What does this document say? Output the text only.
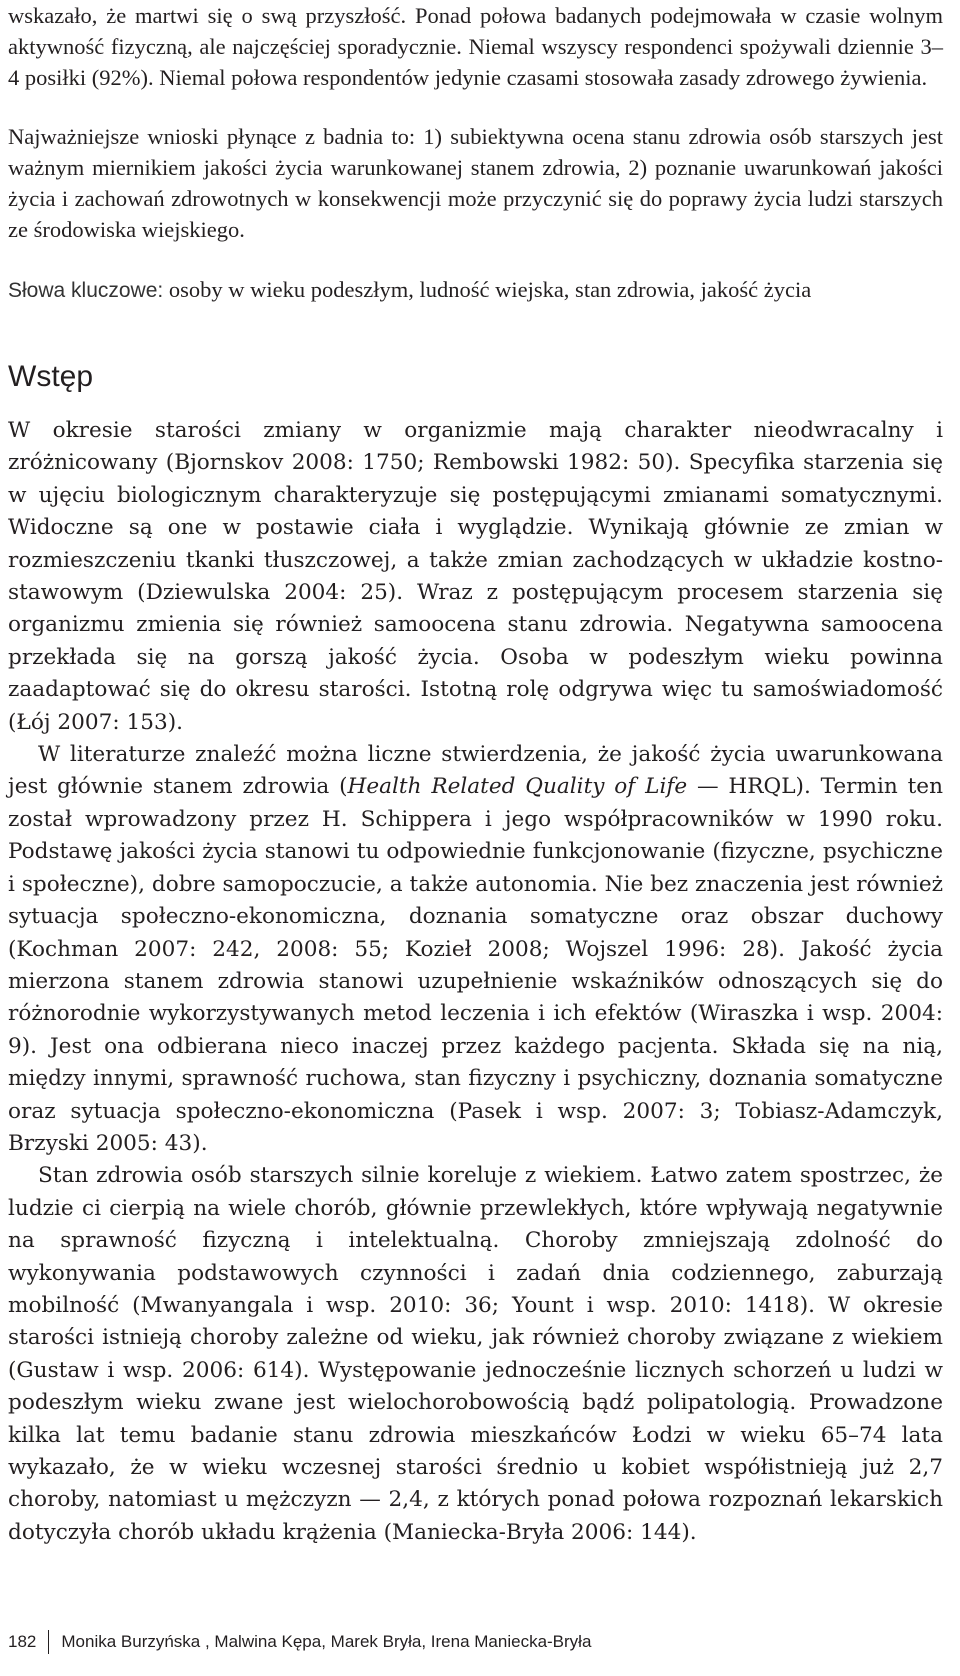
wskazało, że martwi się o swą przyszłość. Ponad połowa badanych podejmowała w czasie wolnym aktywność fizyczną, ale najczęściej sporadycznie. Niemal wszyscy respondenci spożywali dziennie 3–4 posiłki (92%). Niemal połowa respondentów jedynie czasami stosowała zasady zdrowego żywienia.

Najważniejsze wnioski płynące z badnia to: 1) subiektywna ocena stanu zdrowia osób starszych jest ważnym miernikiem jakości życia warunkowanej stanem zdrowia, 2) poznanie uwarunkowań jakości życia i zachowań zdrowotnych w konsekwencji może przyczynić się do poprawy życia ludzi starszych ze środowiska wiejskiego.

Słowa kluczowe: osoby w wieku podeszłym, ludność wiejska, stan zdrowia, jakość życia
Wstęp

W okresie starości zmiany w organizmie mają charakter nieodwracalny i zróżnicowany (Bjornskov 2008: 1750; Rembowski 1982: 50). Specyfika starzenia się w ujęciu biologicznym charakteryzuje się postępującymi zmianami somatycznymi. Widoczne są one w postawie ciała i wyglądzie. Wynikają głównie ze zmian w rozmieszczeniu tkanki tłuszczowej, a także zmian zachodzących w układzie kostno-stawowym (Dziewulska 2004: 25). Wraz z postępującym procesem starzenia się organizmu zmienia się również samoocena stanu zdrowia. Negatywna samoocena przekłada się na gorszą jakość życia. Osoba w podeszłym wieku powinna zaadaptować się do okresu starości. Istotną rolę odgrywa więc tu samoświadomość (Łój 2007: 153).

W literaturze znaleźć można liczne stwierdzenia, że jakość życia uwarunkowana jest głównie stanem zdrowia (Health Related Quality of Life — HRQL). Termin ten został wprowadzony przez H. Schippera i jego współpracowników w 1990 roku. Podstawę jakości życia stanowi tu odpowiednie funkcjonowanie (fizyczne, psychiczne i społeczne), dobre samopoczucie, a także autonomia. Nie bez znaczenia jest również sytuacja społeczno-ekonomiczna, doznania somatyczne oraz obszar duchowy (Kochman 2007: 242, 2008: 55; Kozieł 2008; Wojszel 1996: 28). Jakość życia mierzona stanem zdrowia stanowi uzupełnienie wskaźników odnoszących się do różnorodnie wykorzystywanych metod leczenia i ich efektów (Wiraszka i wsp. 2004: 9). Jest ona odbierana nieco inaczej przez każdego pacjenta. Składa się na nią, między innymi, sprawność ruchowa, stan fizyczny i psychiczny, doznania somatyczne oraz sytuacja społeczno-ekonomiczna (Pasek i wsp. 2007: 3; Tobiasz-Adamczyk, Brzyski 2005: 43).

Stan zdrowia osób starszych silnie koreluje z wiekiem. Łatwo zatem spostrzec, że ludzie ci cierpią na wiele chorób, głównie przewlekłych, które wpływają negatywnie na sprawność fizyczną i intelektualną. Choroby zmniejszają zdolność do wykonywania podstawowych czynności i zadań dnia codziennego, zaburzają mobilność (Mwanyangala i wsp. 2010: 36; Yount i wsp. 2010: 1418). W okresie starości istnieją choroby zależne od wieku, jak również choroby związane z wiekiem (Gustaw i wsp. 2006: 614). Występowanie jednocześnie licznych schorzeń u ludzi w podeszłym wieku zwane jest wielochorobowością bądź polipatologią. Prowadzone kilka lat temu badanie stanu zdrowia mieszkańców Łodzi w wieku 65–74 lata wykazało, że w wieku wczesnej starości średnio u kobiet współistnieją już 2,7 choroby, natomiast u mężczyzn — 2,4, z których ponad połowa rozpoznań lekarskich dotyczyła chorób układu krążenia (Maniecka-Bryła 2006: 144).

182 Monika Burzyńska , Malwina Kępa, Marek Bryła, Irena Maniecka-Bryła
